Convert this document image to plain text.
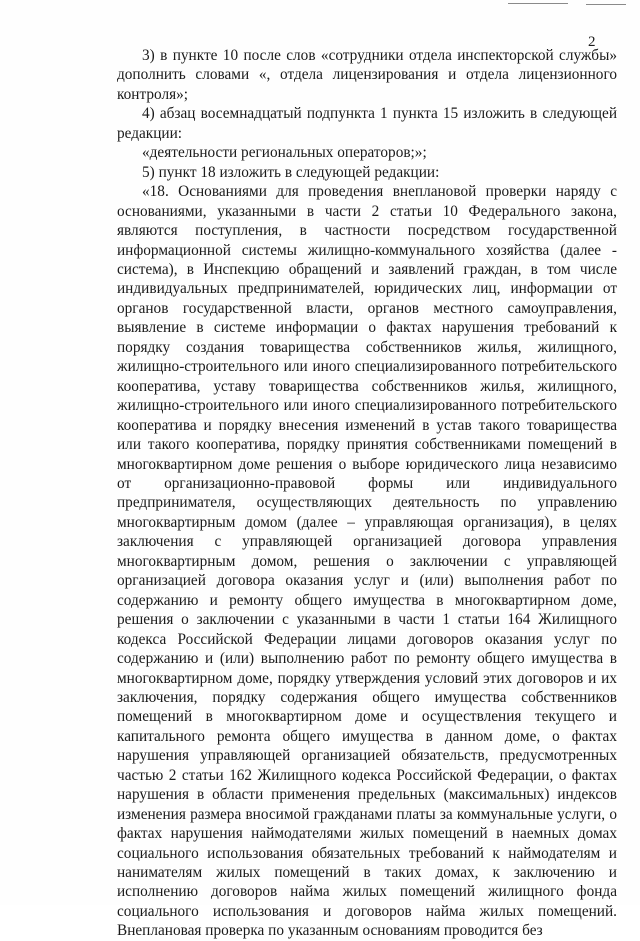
2

3) в пункте 10 после слов «сотрудники отдела инспекторской службы» дополнить словами «, отдела лицензирования и отдела лицензионного контроля»;

4) абзац восемнадцатый подпункта 1 пункта 15 изложить в следующей редакции:

«деятельности региональных операторов;»;

5) пункт 18 изложить в следующей редакции:

«18. Основаниями для проведения внеплановой проверки наряду с основаниями, указанными в части 2 статьи 10 Федерального закона, являются поступления, в частности посредством государственной информационной системы жилищно-коммунального хозяйства (далее - система), в Инспекцию обращений и заявлений граждан, в том числе индивидуальных предпринимателей, юридических лиц, информации от органов государственной власти, органов местного самоуправления, выявление в системе информации о фактах нарушения требований к порядку создания товарищества собственников жилья, жилищного, жилищно-строительного или иного специализированного потребительского кооператива, уставу товарищества собственников жилья, жилищного, жилищно-строительного или иного специализированного потребительского кооператива и порядку внесения изменений в устав такого товарищества или такого кооператива, порядку принятия собственниками помещений в многоквартирном доме решения о выборе юридического лица независимо от организационно-правовой формы или индивидуального предпринимателя, осуществляющих деятельность по управлению многоквартирным домом (далее – управляющая организация), в целях заключения с управляющей организацией договора управления многоквартирным домом, решения о заключении с управляющей организацией договора оказания услуг и (или) выполнения работ по содержанию и ремонту общего имущества в многоквартирном доме, решения о заключении с указанными в части 1 статьи 164 Жилищного кодекса Российской Федерации лицами договоров оказания услуг по содержанию и (или) выполнению работ по ремонту общего имущества в многоквартирном доме, порядку утверждения условий этих договоров и их заключения, порядку содержания общего имущества собственников помещений в многоквартирном доме и осуществления текущего и капитального ремонта общего имущества в данном доме, о фактах нарушения управляющей организацией обязательств, предусмотренных частью 2 статьи 162 Жилищного кодекса Российской Федерации, о фактах нарушения в области применения предельных (максимальных) индексов изменения размера вносимой гражданами платы за коммунальные услуги, о фактах нарушения наймодателями жилых помещений в наемных домах социального использования обязательных требований к наймодателям и нанимателям жилых помещений в таких домах, к заключению и исполнению договоров найма жилых помещений жилищного фонда социального использования и договоров найма жилых помещений. Внеплановая проверка по указанным основаниям проводится без
